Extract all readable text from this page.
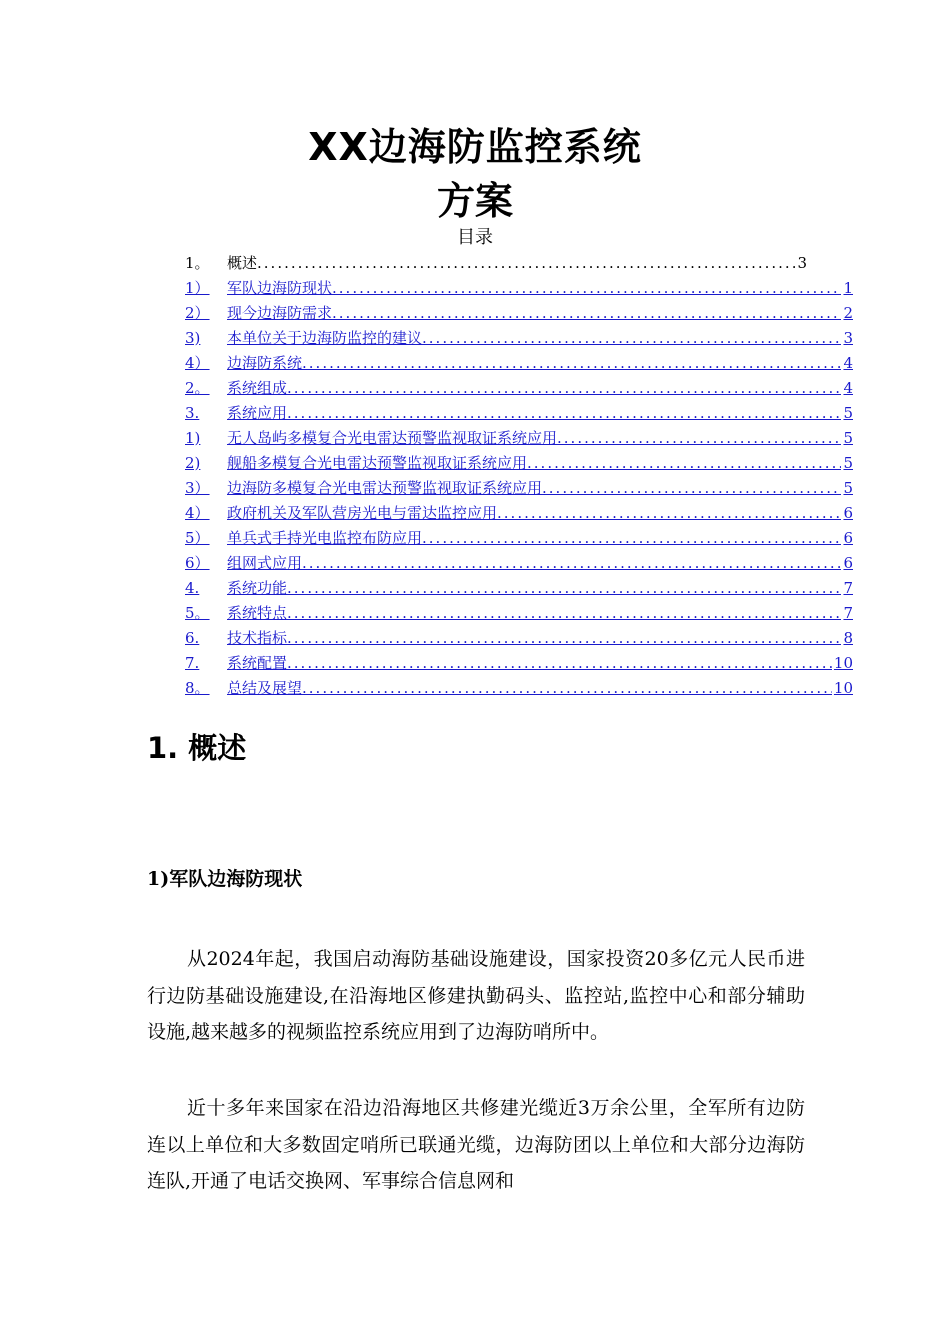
XX边海防监控系统
方案
目录
1。	概述 .....	3
1）	军队边海防现状 .....	1
2）	现今边海防需求 .....	2
3)	本单位关于边海防监控的建议 .....	3
4）	边海防系统 .....	4
2。	系统组成 .....	4
3.	系统应用 .....	5
1)	无人岛屿多模复合光电雷达预警监视取证系统应用 .....	5
2)	舰船多模复合光电雷达预警监视取证系统应用 .....	5
3）	边海防多模复合光电雷达预警监视取证系统应用 .....	5
4）	政府机关及军队营房光电与雷达监控应用 .....	6
5）	单兵式手持光电监控布防应用 .....	6
6）	组网式应用 .....	6
4.	系统功能 .....	7
5。	系统特点 .....	7
6.	技术指标 .....	8
7.	系统配置 .....	10
8。	总结及展望 .....	10
1. 概述
1)军队边海防现状

从2024年起，我国启动海防基础设施建设，国家投资20多亿元人民币进行边防基础设施建设,在沿海地区修建执勤码头、监控站,监控中心和部分辅助设施,越来越多的视频监控系统应用到了边海防哨所中。

近十多年来国家在沿边沿海地区共修建光缆近3万余公里，全军所有边防连以上单位和大多数固定哨所已联通光缆，边海防团以上单位和大部分边海防连队,开通了电话交换网、军事综合信息网和
